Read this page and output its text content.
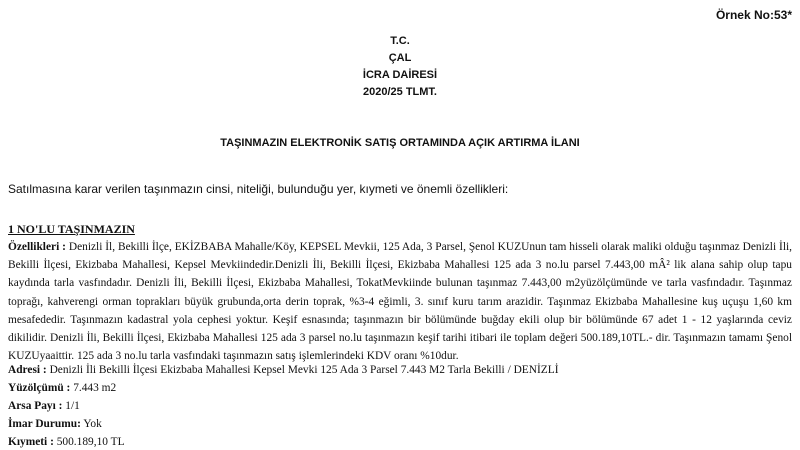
Örnek No:53*
T.C.
ÇAL
İCRA DAİRESİ
2020/25 TLMT.
TAŞINMAZIN ELEKTRONİK SATIŞ ORTAMINDA AÇIK ARTIRMA İLANI
Satılmasına karar verilen taşınmazın cinsi, niteliği, bulunduğu yer, kıymeti ve önemli özellikleri:
1 NO'LU TAŞINMAZIN
Özellikleri : Denizli İl, Bekilli İlçe, EKİZBABA Mahalle/Köy, KEPSEL Mevkii, 125 Ada, 3 Parsel, Şenol KUZUnun tam hisseli olarak maliki olduğu taşınmaz Denizli İli, Bekilli İlçesi, Ekizbaba Mahallesi, Kepsel Mevkiindedir.Denizli İli, Bekilli İlçesi, Ekizbaba Mahallesi 125 ada 3 no.lu parsel 7.443,00 mÂ² lik alana sahip olup tapu kaydında tarla vasfındadır. Denizli İli, Bekilli İlçesi, Ekizbaba Mahallesi, TokatMevkiinde bulunan taşınmaz 7.443,00 m2yüzölçümünde ve tarla vasfındadır. Taşınmaz toprağı, kahverengi orman toprakları büyük grubunda,orta derin toprak, %3-4 eğimli, 3. sınıf kuru tarım arazidir. Taşınmaz Ekizbaba Mahallesine kuş uçuşu 1,60 km mesafededir. Taşınmazın kadastral yola cephesi yoktur. Keşif esnasında; taşınmazın bir bölümünde buğday ekili olup bir bölümünde 67 adet 1 - 12 yaşlarında ceviz dikilidir. Denizli İli, Bekilli İlçesi, Ekizbaba Mahallesi 125 ada 3 parsel no.lu taşınmazın keşif tarihi itibari ile toplam değeri 500.189,10TL.- dir. Taşınmazın tamamı Şenol KUZUyaaittir. 125 ada 3 no.lu tarla vasfındaki taşınmazın satış işlemlerindeki KDV oranı %10dur.
Adresi : Denizli İli Bekilli İlçesi Ekizbaba Mahallesi Kepsel Mevki 125 Ada 3 Parsel 7.443 M2 Tarla Bekilli / DENİZLİ
Yüzölçümü : 7.443 m2
Arsa Payı : 1/1
İmar Durumu: Yok
Kıymeti : 500.189,10 TL
